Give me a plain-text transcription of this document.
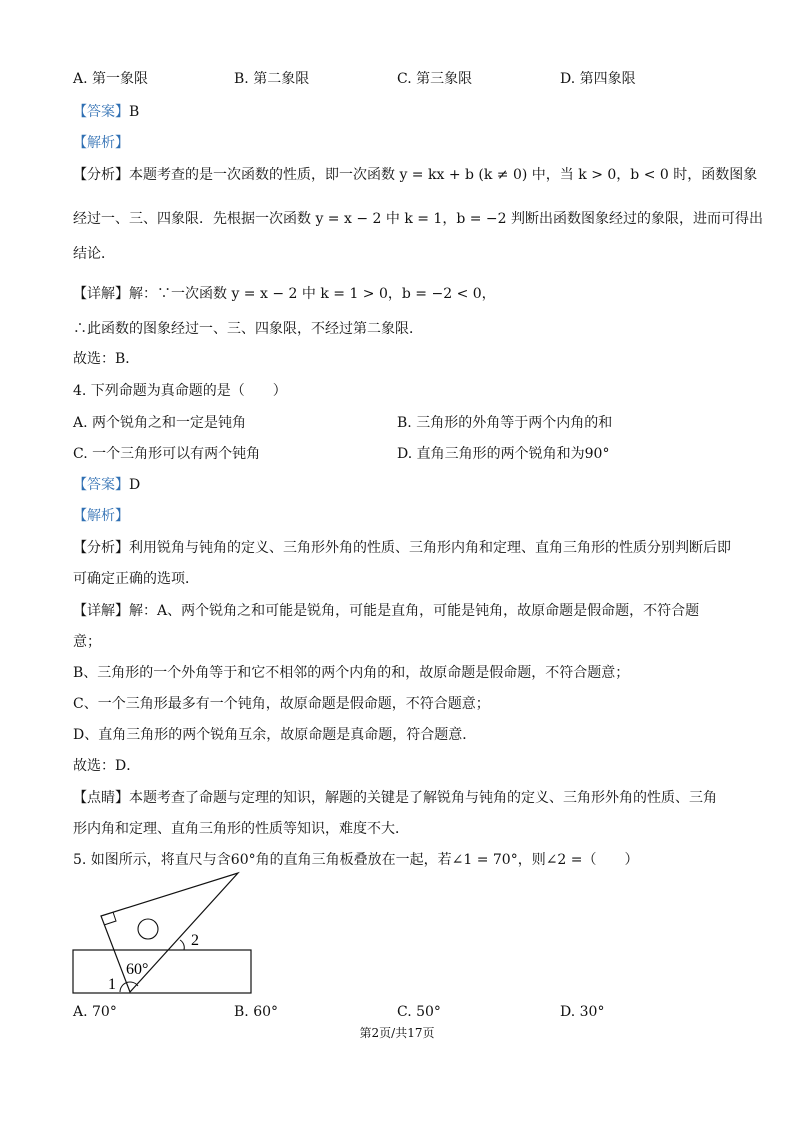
A. 第一象限	B. 第二象限	C. 第三象限	D. 第四象限
【答案】B
【解析】
【分析】本题考查的是一次函数的性质，即一次函数 y = kx + b (k ≠ 0) 中，当 k > 0，b < 0 时，函数图象
经过一、三、四象限．先根据一次函数 y = x − 2 中 k = 1，b = −2 判断出函数图象经过的象限，进而可得出
结论．
【详解】解：∵一次函数 y = x − 2 中 k = 1 > 0，b = −2 < 0，
∴此函数的图象经过一、三、四象限，不经过第二象限．
故选：B．
4. 下列命题为真命题的是（　　）
A. 两个锐角之和一定是钝角	B. 三角形的外角等于两个内角的和
C. 一个三角形可以有两个钝角	D. 直角三角形的两个锐角和为90°
【答案】D
【解析】
【分析】利用锐角与钝角的定义、三角形外角的性质、三角形内角和定理、直角三角形的性质分别判断后即
可确定正确的选项．
【详解】解：A、两个锐角之和可能是锐角，可能是直角，可能是钝角，故原命题是假命题，不符合题
意；
B、三角形的一个外角等于和它不相邻的两个内角的和，故原命题是假命题，不符合题意；
C、一个三角形最多有一个钝角，故原命题是假命题，不符合题意；
D、直角三角形的两个锐角互余，故原命题是真命题，符合题意．
故选：D．
【点睛】本题考查了命题与定理的知识，解题的关键是了解锐角与钝角的定义、三角形外角的性质、三角
形内角和定理、直角三角形的性质等知识，难度不大．
5. 如图所示，将直尺与含60°角的直角三角板叠放在一起，若∠1 = 70°，则∠2 =（　　）
60°
1
2
A. 70°	B. 60°	C. 50°	D. 30°
第2页/共17页
